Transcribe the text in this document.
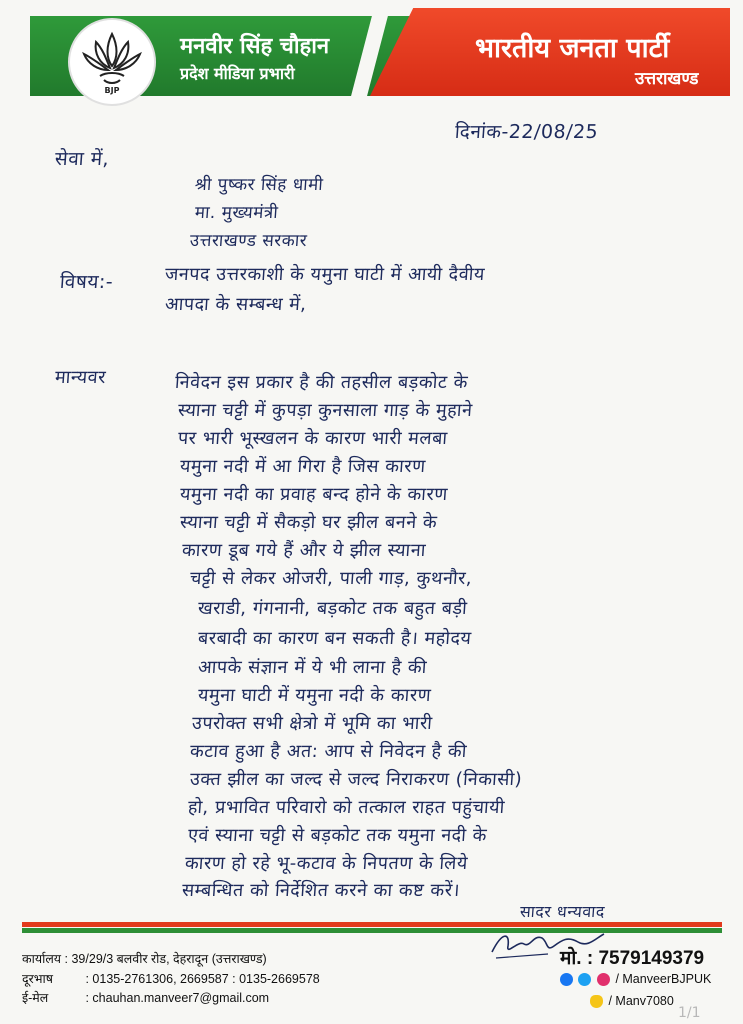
BJP
मनवीर सिंह चौहान
प्रदेश मीडिया प्रभारी
भारतीय जनता पार्टी
उत्तराखण्ड
दिनांक-22/08/25
सेवा में,
श्री पुष्कर सिंह धामी
मा. मुख्यमंत्री
उत्तराखण्ड सरकार
विषय:-	जनपद उत्तरकाशी के यमुना घाटी में आयी दैवीय
आपदा के सम्बन्ध में,
मान्यवर	निवेदन इस प्रकार है की तहसील बड़कोट के
स्याना चट्टी में कुपड़ा कुनसाला गाड़ के मुहाने
पर भारी भूस्खलन के कारण भारी मलबा
यमुना नदी में आ गिरा है जिस कारण
यमुना नदी का प्रवाह बन्द होने के कारण
स्याना चट्टी में सैकड़ो घर झील बनने के
कारण डूब गये हैं और ये झील स्याना
चट्टी से लेकर ओजरी, पाली गाड़, कुथनौर,
खराडी, गंगनानी, बड़कोट तक बहुत बड़ी
बरबादी का कारण बन सकती है। महोदय
आपके संज्ञान में ये भी लाना है की
यमुना घाटी में यमुना नदी के कारण
उपरोक्त सभी क्षेत्रो में भूमि का भारी
कटाव हुआ है अत: आप से निवेदन है की
उक्त झील का जल्द से जल्द निराकरण (निकासी)
हो, प्रभावित परिवारो को तत्काल राहत पहुंचायी
एवं स्याना चट्टी से बड़कोट तक यमुना नदी के
कारण हो रहे भू-कटाव के निपतण के लिये
सम्बन्धित को निर्देशित करने का कष्ट करें।
सादर धन्यवाद
कार्यालय : 39/29/3 बलवीर रोड, देहरादून (उत्तराखण्ड)
दूरभाष	: 0135-2761306, 2669587 : 0135-2669578
ई-मेल	: chauhan.manveer7@gmail.com
मो. : 7579149379
/ ManveerBJPUK
/ Manv7080
1/1
